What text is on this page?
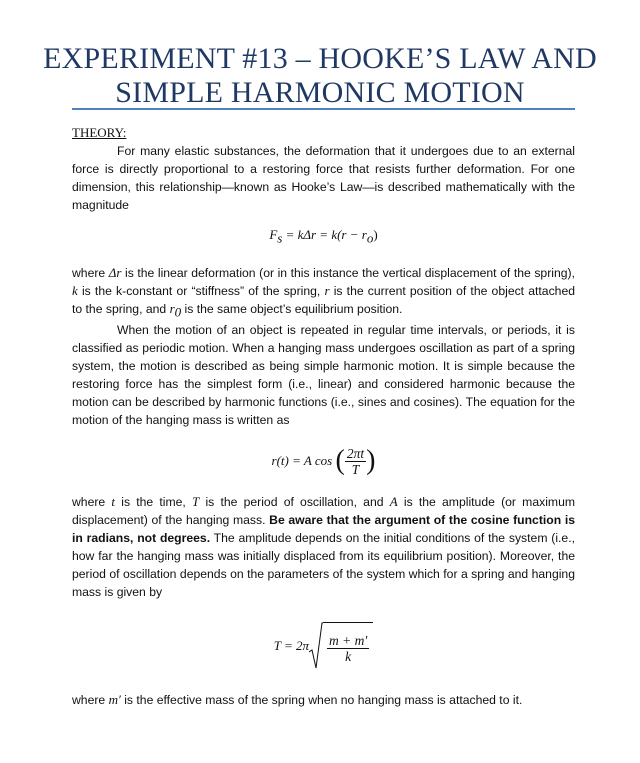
EXPERIMENT #13 – HOOKE’S LAW AND
SIMPLE HARMONIC MOTION

THEORY:

For many elastic substances, the deformation that it undergoes due to an external force is directly proportional to a restoring force that resists further deformation. For one dimension, this relationship—known as Hooke’s Law—is described mathematically with the magnitude

$F_s = k\Delta r = k(r - r_o)$

where Δr is the linear deformation (or in this instance the vertical displacement of the spring), k is the k-constant or “stiffness” of the spring, r is the current position of the object attached to the spring, and $r_0$ is the same object’s equilibrium position.

When the motion of an object is repeated in regular time intervals, or periods, it is classified as periodic motion. When a hanging mass undergoes oscillation as part of a spring system, the motion is described as being simple harmonic motion. It is simple because the restoring force has the simplest form (i.e., linear) and considered harmonic because the motion can be described by harmonic functions (i.e., sines and cosines). The equation for the motion of the hanging mass is written as

r(t) = A cos
( $\frac{2\pi t}{T}$ )

where t is the time, T is the period of oscillation, and A is the amplitude (or maximum displacement) of the hanging mass. Be aware that the argument of the cosine function is in radians, not degrees. The amplitude depends on the initial conditions of the system (i.e., how far the hanging mass was initially displaced from its equilibrium position). Moreover, the period of oscillation depends on the parameters of the system which for a spring and hanging mass is given by

$T = 2\pi \frac{m + m'}{k}$

where m′ is the effective mass of the spring when no hanging mass is attached to it.
